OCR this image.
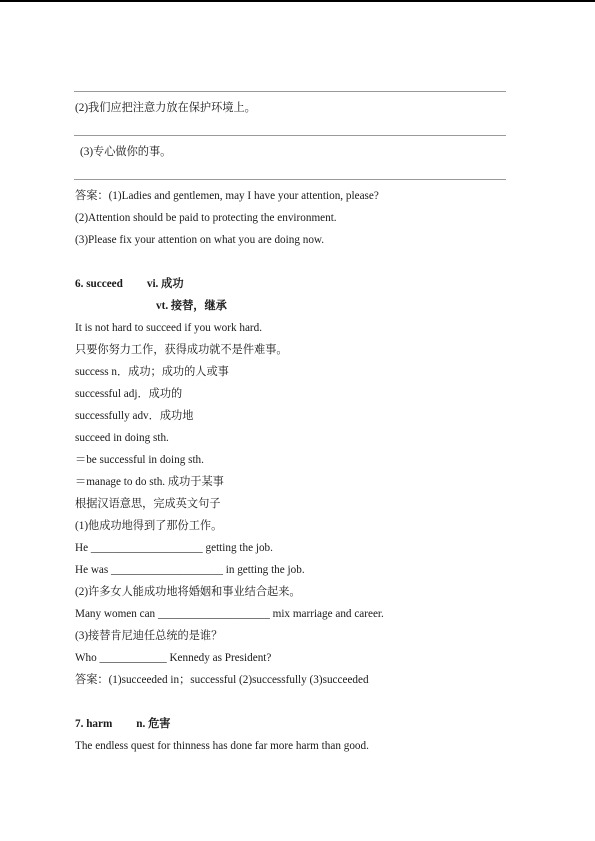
(2)我们应把注意力放在保护环境上。
(3)专心做你的事。
答案：(1)Ladies and gentlemen, may I have your attention, please?
(2)Attention should be paid to protecting the environment.
(3)Please fix your attention on what you are doing now.
6. succeed vi. 成功
vt. 接替，继承
It is not hard to succeed if you work hard.
只要你努力工作，获得成功就不是件难事。
success n．成功；成功的人或事
successful adj．成功的
successfully adv．成功地
succeed in doing sth.
＝be successful in doing sth.
＝manage to do sth. 成功于某事
根据汉语意思，完成英文句子
(1)他成功地得到了那份工作。
He ____________________ getting the job.
He was ____________________ in getting the job.
(2)许多女人能成功地将婚姻和事业结合起来。
Many women can ____________________ mix marriage and career.
(3)接替肯尼迪任总统的是谁？
Who ____________ Kennedy as President?
答案：(1)succeeded in；successful (2)successfully (3)succeeded
7. harm n. 危害
The endless quest for thinness has done far more harm than good.
